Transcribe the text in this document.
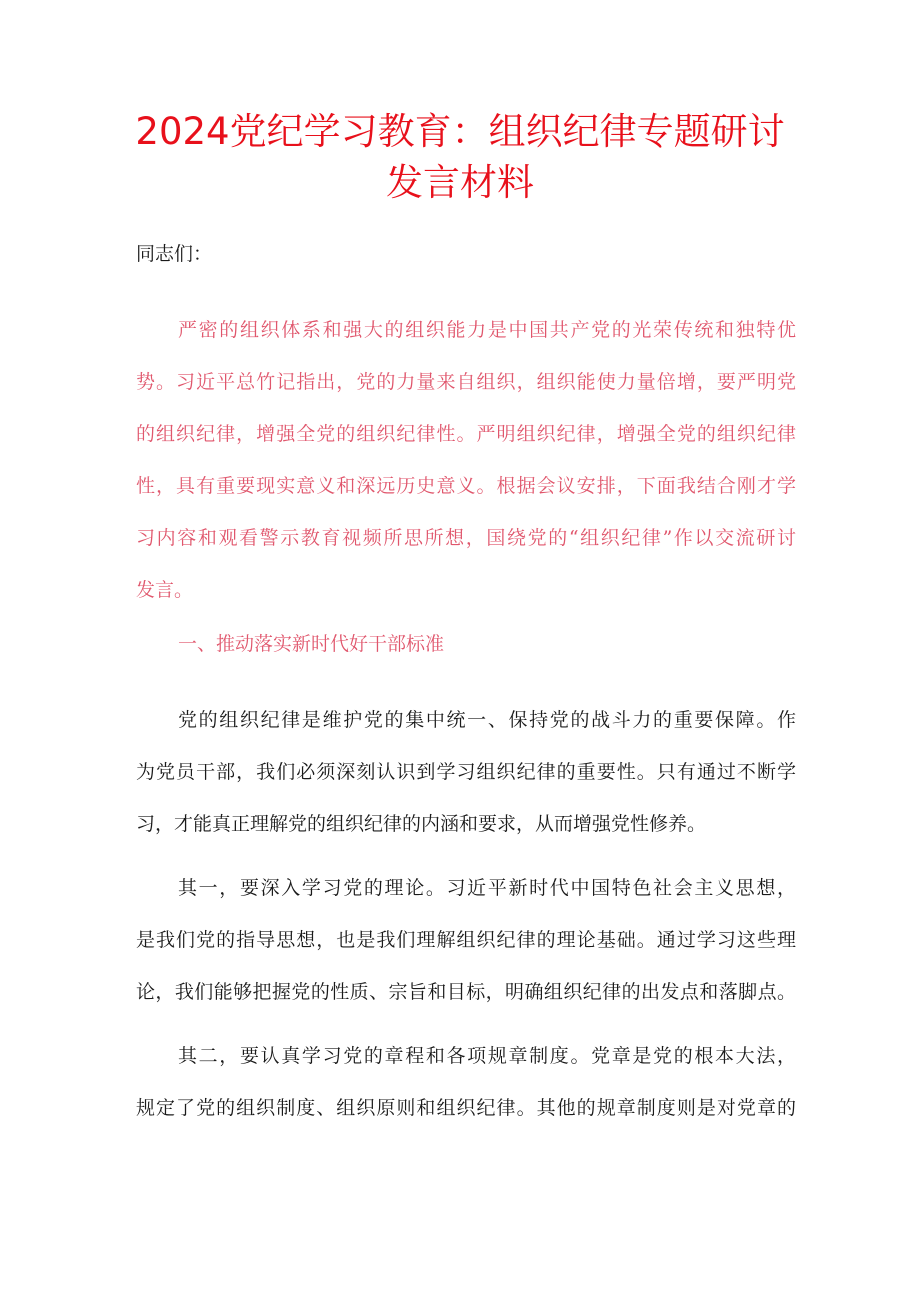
2024党纪学习教育：组织纪律专题研讨
发言材料
同志们：
严密的组织体系和强大的组织能力是中国共产党的光荣传统和独特优
势。习近平总竹记指出，党的力量来自组织，组织能使力量倍增，要严明党
的组织纪律，增强全党的组织纪律性。严明组织纪律，增强全党的组织纪律
性，具有重要现实意义和深远历史意义。根据会议安排，下面我结合刚才学
习内容和观看警示教育视频所思所想，国绕党的“组织纪律”作以交流研讨
发言。
一、推动落实新时代好干部标准
党的组织纪律是维护党的集中统一、保持党的战斗力的重要保障。作
为党员干部，我们必须深刻认识到学习组织纪律的重要性。只有通过不断学
习，才能真正理解党的组织纪律的内涵和要求，从而增强党性修养。
其一，要深入学习党的理论。习近平新时代中国特色社会主义思想，
是我们党的指导思想，也是我们理解组织纪律的理论基础。通过学习这些理
论，我们能够把握党的性质、宗旨和目标，明确组织纪律的出发点和落脚点。
其二，要认真学习党的章程和各项规章制度。党章是党的根本大法，
规定了党的组织制度、组织原则和组织纪律。其他的规章制度则是对党章的
